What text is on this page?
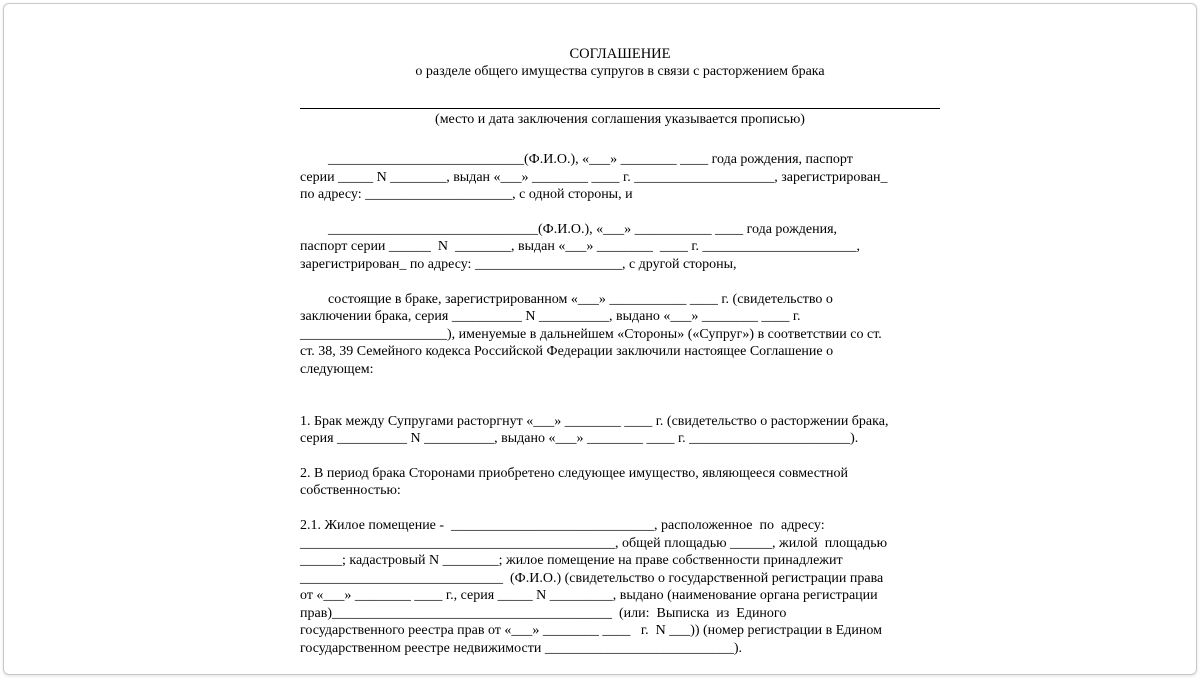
СОГЛАШЕНИЕ
о разделе общего имущества супругов в связи с расторжением брака
(место и дата заключения соглашения указывается прописью)

____________________________(Ф.И.О.), «___» ________ ____ года рождения, паспорт

серии _____ N ________, выдан «___» ________ ____ г. ____________________, зарегистрирован_

по адресу: _____________________, с одной стороны, и

______________________________(Ф.И.О.), «___» ___________ ____ года рождения,

паспорт серии ______  N  ________, выдан «___» ________  ____ г. ______________________,

зарегистрирован_ по адресу: _____________________, с другой стороны,

состоящие в браке, зарегистрированном «___» ___________ ____ г. (свидетельство о

заключении брака, серия __________ N __________, выдано «___» ________ ____ г.

_____________________), именуемые в дальнейшем «Стороны» («Супруг») в соответствии со ст.

ст. 38, 39 Семейного кодекса Российской Федерации заключили настоящее Соглашение о

следующем:

1. Брак между Супругами расторгнут «___» ________ ____ г. (свидетельство о расторжении брака,

серия __________ N __________, выдано «___» ________ ____ г. _______________________).

2. В период брака Сторонами приобретено следующее имущество, являющееся совместной

собственностью:

2.1. Жилое помещение -  _____________________________, расположенное  по  адресу:

_____________________________________________, общей площадью ______, жилой  площадью

______; кадастровый N ________; жилое помещение на праве собственности принадлежит

_____________________________  (Ф.И.О.) (свидетельство о государственной регистрации права

от «___» ________ ____ г., серия _____ N _________, выдано (наименование органа регистрации

прав)________________________________________  (или:  Выписка  из  Единого

государственного реестра прав от «___» ________ ____   г.  N ___)) (номер регистрации в Едином

государственном реестре недвижимости ___________________________).
